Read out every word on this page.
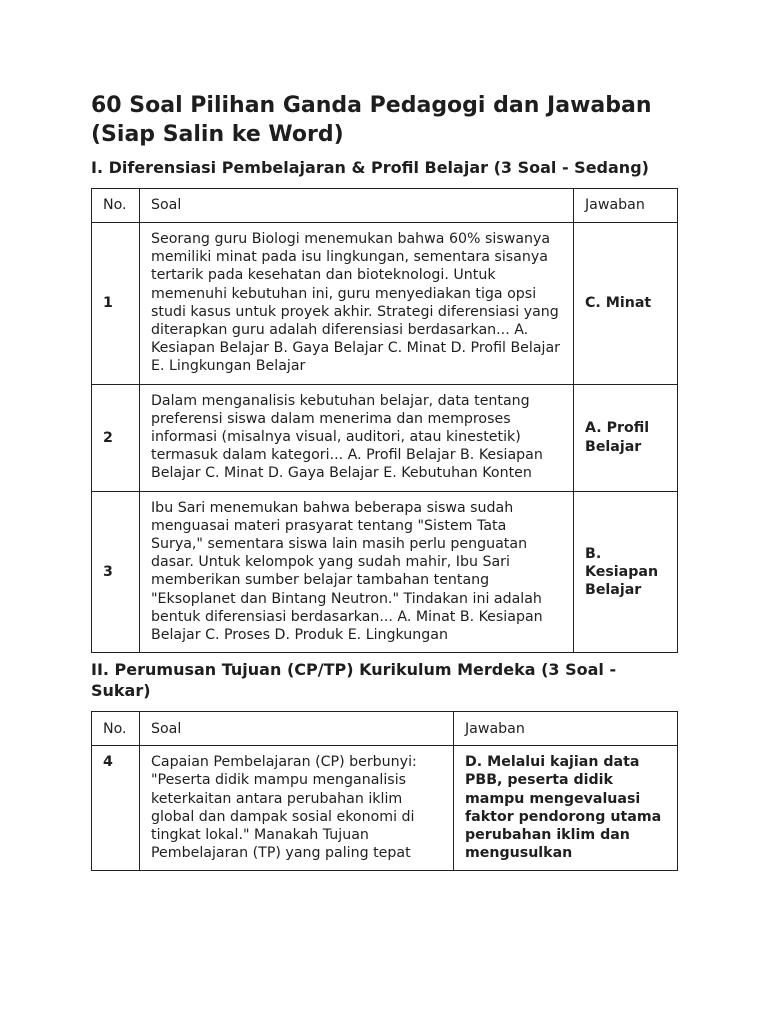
60 Soal Pilihan Ganda Pedagogi dan Jawaban (Siap Salin ke Word)
I. Diferensiasi Pembelajaran & Profil Belajar (3 Soal - Sedang)
No.	Soal	Jawaban
1	Seorang guru Biologi menemukan bahwa 60% siswanya memiliki minat pada isu lingkungan, sementara sisanya tertarik pada kesehatan dan bioteknologi. Untuk memenuhi kebutuhan ini, guru menyediakan tiga opsi studi kasus untuk proyek akhir. Strategi diferensiasi yang diterapkan guru adalah diferensiasi berdasarkan... A. Kesiapan Belajar B. Gaya Belajar C. Minat D. Profil Belajar E. Lingkungan Belajar	C. Minat
2	Dalam menganalisis kebutuhan belajar, data tentang preferensi siswa dalam menerima dan memproses informasi (misalnya visual, auditori, atau kinestetik) termasuk dalam kategori... A. Profil Belajar B. Kesiapan Belajar C. Minat D. Gaya Belajar E. Kebutuhan Konten	A. Profil Belajar
3	Ibu Sari menemukan bahwa beberapa siswa sudah menguasai materi prasyarat tentang "Sistem Tata Surya," sementara siswa lain masih perlu penguatan dasar. Untuk kelompok yang sudah mahir, Ibu Sari memberikan sumber belajar tambahan tentang "Eksoplanet dan Bintang Neutron." Tindakan ini adalah bentuk diferensiasi berdasarkan... A. Minat B. Kesiapan Belajar C. Proses D. Produk E. Lingkungan	B. Kesiapan Belajar
II. Perumusan Tujuan (CP/TP) Kurikulum Merdeka (3 Soal - Sukar)
No.	Soal	Jawaban
4	Capaian Pembelajaran (CP) berbunyi: "Peserta didik mampu menganalisis keterkaitan antara perubahan iklim global dan dampak sosial ekonomi di tingkat lokal." Manakah Tujuan Pembelajaran (TP) yang paling tepat	D. Melalui kajian data PBB, peserta didik mampu mengevaluasi faktor pendorong utama perubahan iklim dan mengusulkan
